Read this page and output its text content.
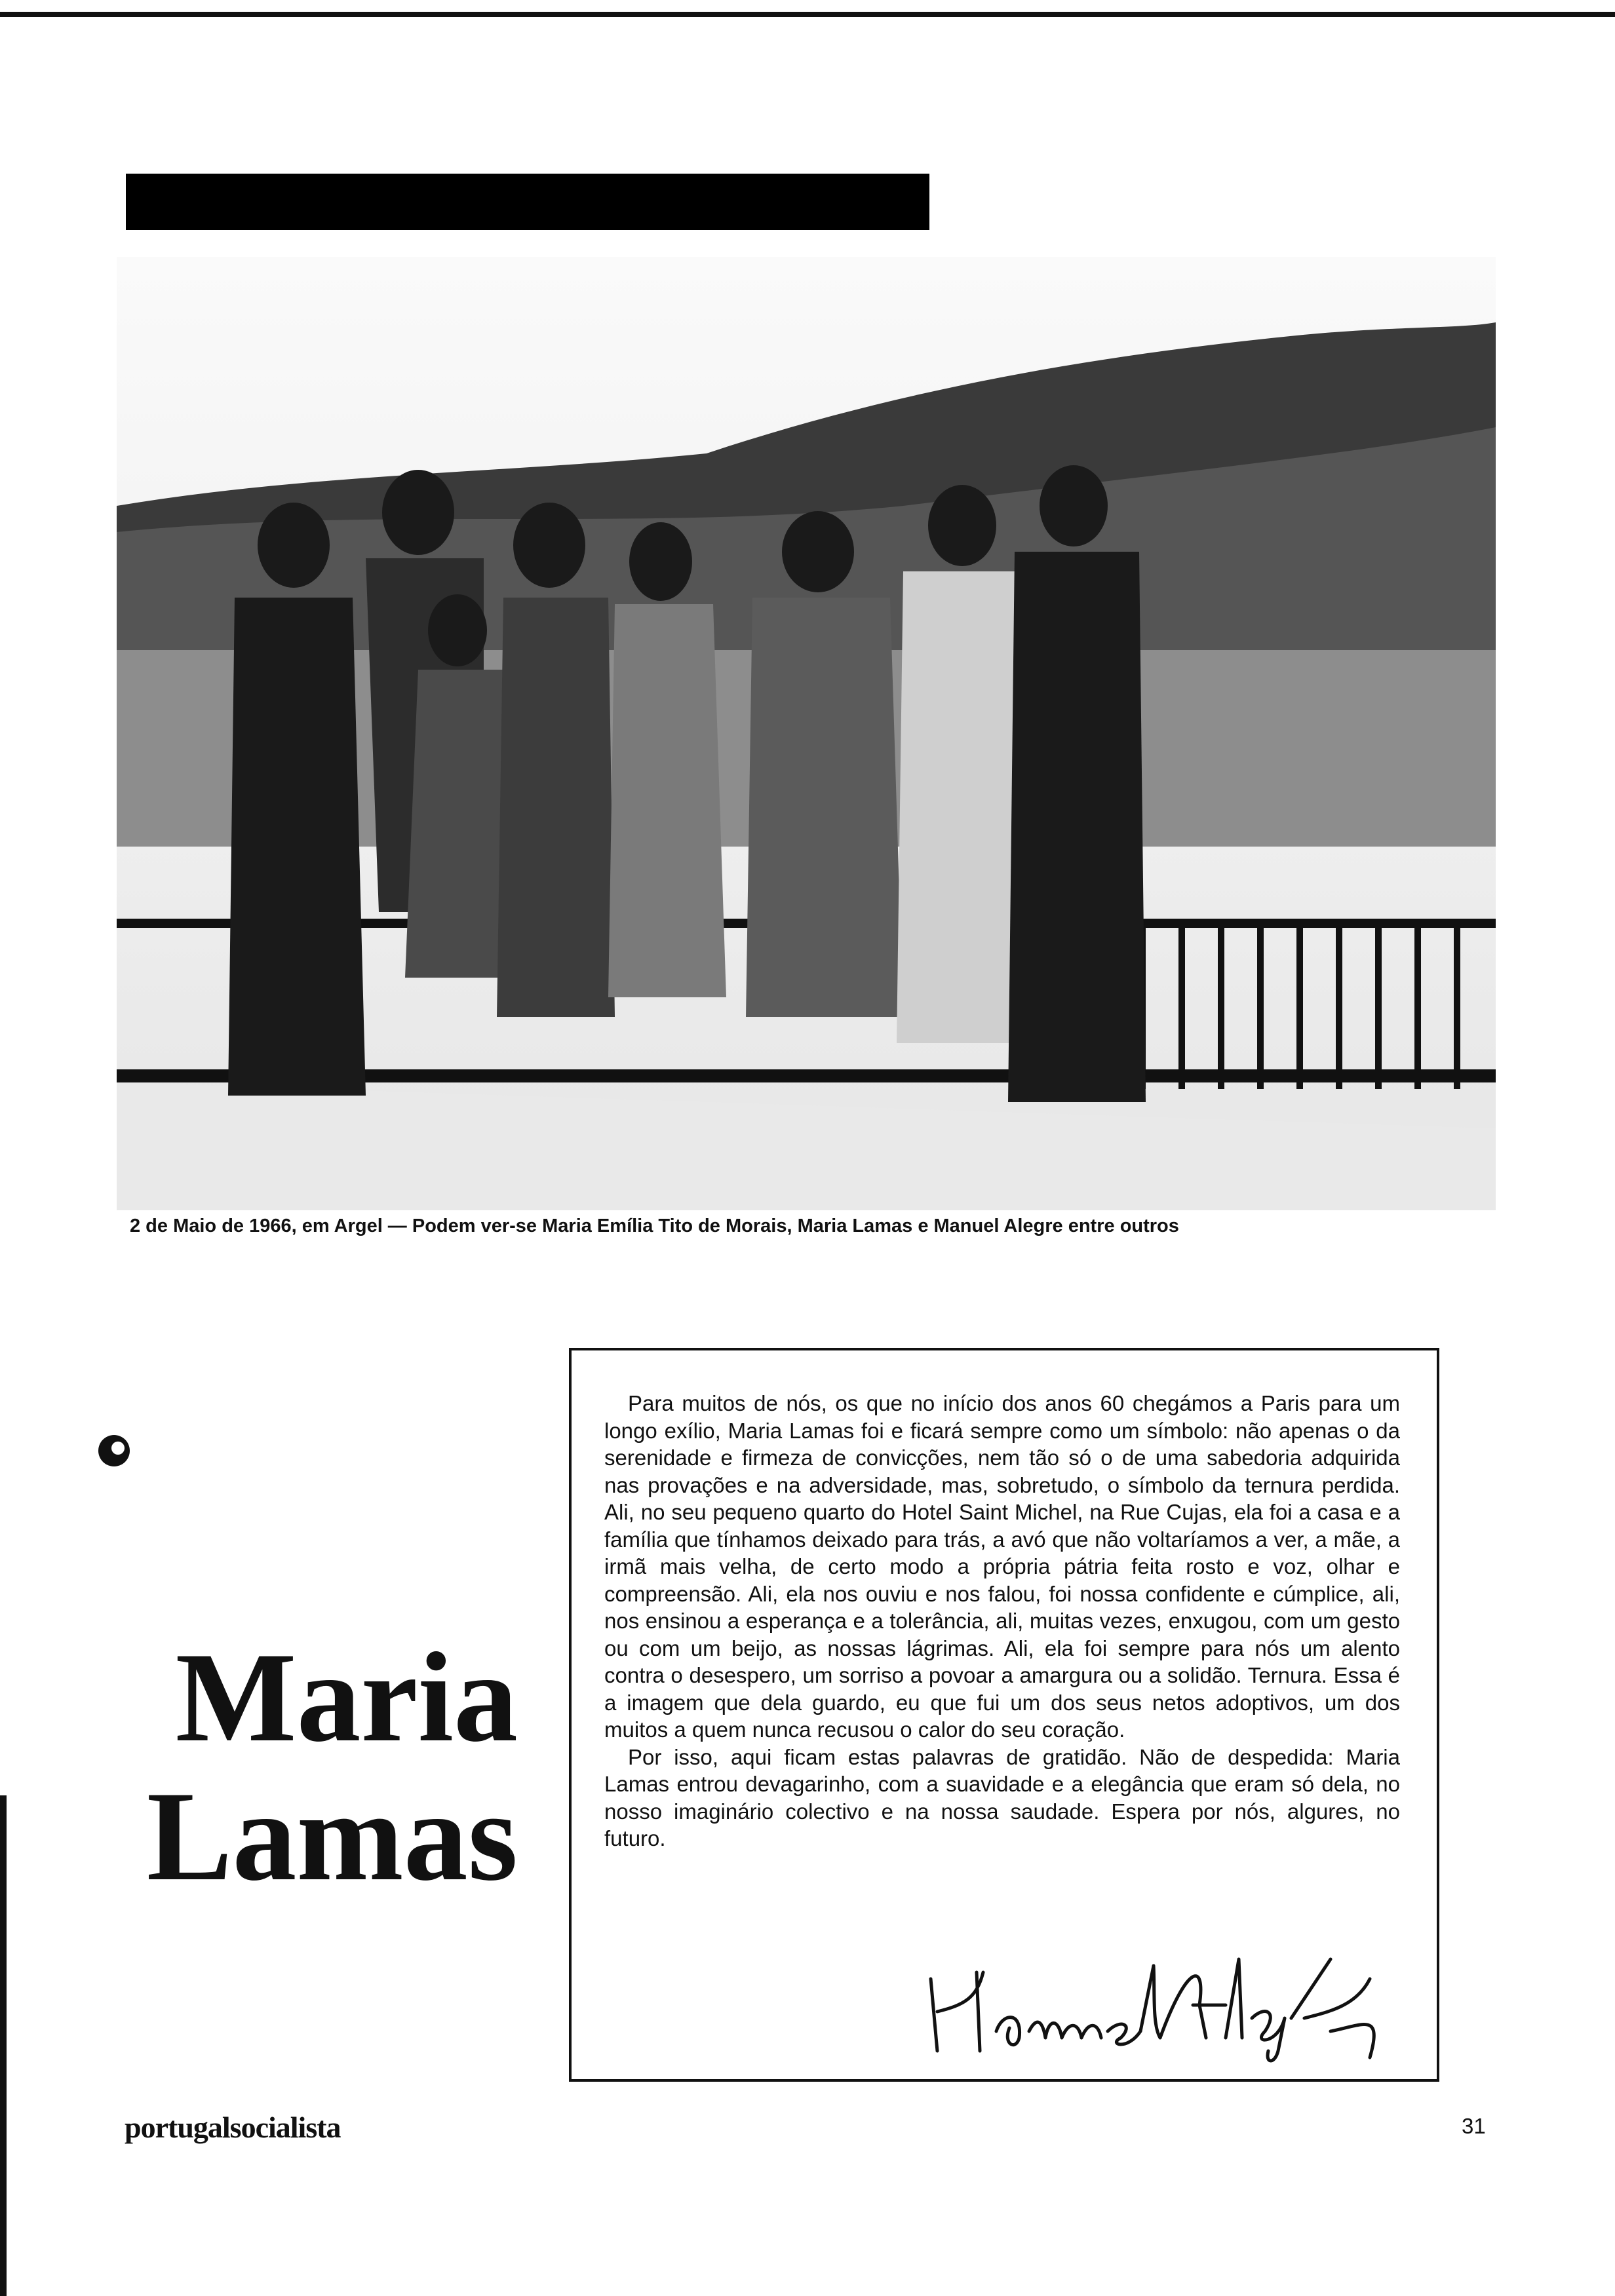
2 de Maio de 1966, em Argel — Podem ver-se Maria Emília Tito de Morais, Maria Lamas e Manuel Alegre entre outros
Maria
Lamas

Para muitos de nós, os que no início dos anos 60 chegámos a Paris para um longo exílio, Maria Lamas foi e ficará sempre como um símbolo: não apenas o da serenidade e firmeza de convicções, nem tão só o de uma sabedoria adquirida nas provações e na adversidade, mas, sobretudo, o símbolo da ternura perdida. Ali, no seu pequeno quarto do Hotel Saint Michel, na Rue Cujas, ela foi a casa e a família que tínhamos deixado para trás, a avó que não voltaríamos a ver, a mãe, a irmã mais velha, de certo modo a própria pátria feita rosto e voz, olhar e compreensão. Ali, ela nos ouviu e nos falou, foi nossa confidente e cúmplice, ali, nos ensinou a esperança e a tolerância, ali, muitas vezes, enxugou, com um gesto ou com um beijo, as nossas lágrimas. Ali, ela foi sempre para nós um alento contra o desespero, um sorriso a povoar a amargura ou a solidão. Ternura. Essa é a imagem que dela guardo, eu que fui um dos seus netos adoptivos, um dos muitos a quem nunca recusou o calor do seu coração.

Por isso, aqui ficam estas palavras de gratidão. Não de despedida: Maria Lamas entrou devagarinho, com a suavidade e a elegância que eram só dela, no nosso imaginário colectivo e na nossa saudade. Espera por nós, algures, no futuro.

portugalsocialista	31
